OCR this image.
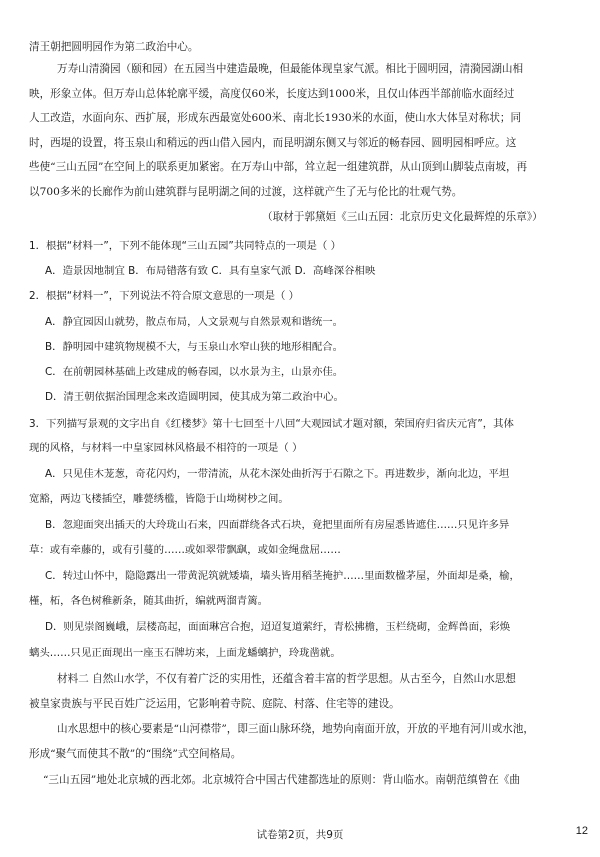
清王朝把圆明园作为第二政治中心。
万寿山清漪园（颐和园）在五园当中建造最晚，但最能体现皇家气派。相比于圆明园，清漪园湖山相
映，形象立体。但万寿山总体轮廓平缓，高度仅60米，长度达到1000米，且仅山体西半部前临水面经过
人工改造，水面向东、西扩展，形成东西最宽处600米、南北长1930米的水面，使山水大体呈对称状；同
时，西堤的设置，将玉泉山和稍远的西山借入园内，而昆明湖东侧又与邻近的畅春园、圆明园相呼应。这
些使“三山五园”在空间上的联系更加紧密。在万寿山中部，耸立起一组建筑群，从山顶到山脚装点南坡，再
以700多米的长廊作为前山建筑群与昆明湖之间的过渡，这样就产生了无与伦比的壮观气势。
（取材于郭黛姮《三山五园：北京历史文化最辉煌的乐章》）
1．根据“材料一”，下列不能体现“三山五园”共同特点的一项是（ ）
A．造景因地制宜 B．布局错落有致 C．具有皇家气派 D．高峰深谷相映
2．根据“材料一”，下列说法不符合原文意思的一项是（ ）
A．静宜园因山就势，散点布局，人文景观与自然景观和谐统一。
B．静明园中建筑物规模不大，与玉泉山水窄山狭的地形相配合。
C．在前朝园林基础上改建成的畅春园，以水景为主，山景亦佳。
D．清王朝依据治国理念来改造圆明园，使其成为第二政治中心。
3．下列描写景观的文字出自《红楼梦》第十七回至十八回“大观园试才题对额，荣国府归省庆元宵”，其体
现的风格，与材料一中皇家园林风格最不相符的一项是（ ）
A．只见佳木茏葱，奇花闪灼，一带清流，从花木深处曲折泻于石隙之下。再进数步，渐向北边，平坦
宽豁，两边飞楼插空，雕甍绣槛，皆隐于山坳树杪之间。
B．忽迎面突出插天的大玲珑山石来，四面群绕各式石块，竟把里面所有房屋悉皆遮住……只见许多异
草：或有牵藤的，或有引蔓的……或如翠带飘飖，或如金绳盘屈……
C．转过山怀中，隐隐露出一带黄泥筑就矮墙，墙头皆用稻茎掩护……里面数楹茅屋，外面却是桑，榆，
槿，柘，各色树稚新条，随其曲折，编就两溜青篱。
D．则见崇阁巍峨，层楼高起，面面琳宫合抱，迢迢复道萦纡，青松拂檐，玉栏绕砌，金辉兽面，彩焕
螭头……只见正面现出一座玉石牌坊来，上面龙蟠螭护，玲珑凿就。
材料二 自然山水学，不仅有着广泛的实用性，还蕴含着丰富的哲学思想。从古至今，自然山水思想
被皇家贵族与平民百姓广泛运用，它影响着寺院、庭院、村落、住宅等的建设。
山水思想中的核心要素是“山河襟带”，即三面山脉环绕，地势向南面开放，开放的平地有河川或水池，
形成“聚气而使其不散”的“围绕”式空间格局。
“三山五园”地处北京城的西北郊。北京城符合中国古代建都选址的原则：背山临水。南朝范缜曾在《曲
试卷第2页，共9页	12
